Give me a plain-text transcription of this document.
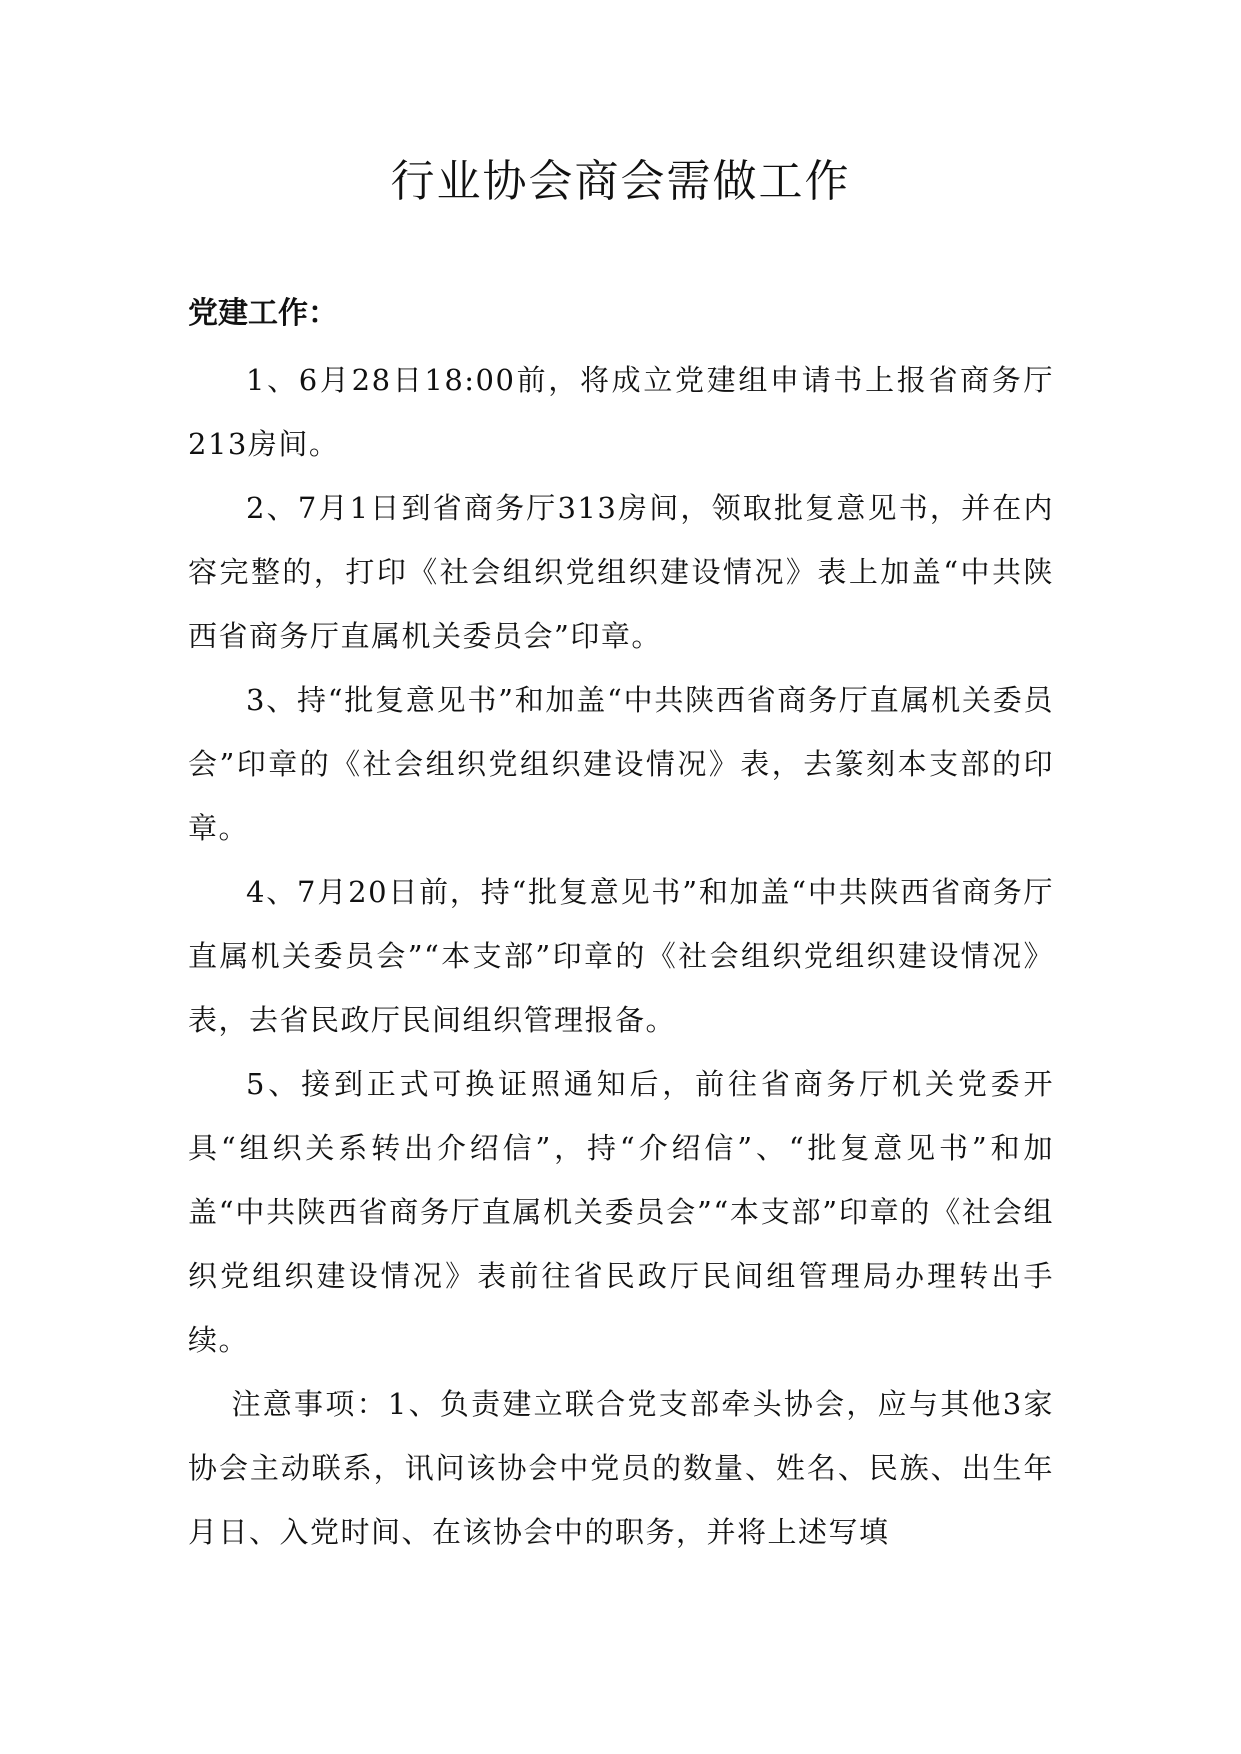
行业协会商会需做工作
党建工作：

1、6月28日18:00前，将成立党建组申请书上报省商务厅213房间。

2、7月1日到省商务厅313房间，领取批复意见书，并在内容完整的，打印《社会组织党组织建设情况》表上加盖“中共陕西省商务厅直属机关委员会”印章。

3、持“批复意见书”和加盖“中共陕西省商务厅直属机关委员会”印章的《社会组织党组织建设情况》表，去篆刻本支部的印章。

4、7月20日前，持“批复意见书”和加盖“中共陕西省商务厅直属机关委员会”“本支部”印章的《社会组织党组织建设情况》表，去省民政厅民间组织管理报备。

5、接到正式可换证照通知后，前往省商务厅机关党委开具“组织关系转出介绍信”，持“介绍信”、“批复意见书”和加盖“中共陕西省商务厅直属机关委员会”“本支部”印章的《社会组织党组织建设情况》表前往省民政厅民间组管理局办理转出手续。

注意事项：1、负责建立联合党支部牵头协会，应与其他3家协会主动联系，讯问该协会中党员的数量、姓名、民族、出生年月日、入党时间、在该协会中的职务，并将上述写填
